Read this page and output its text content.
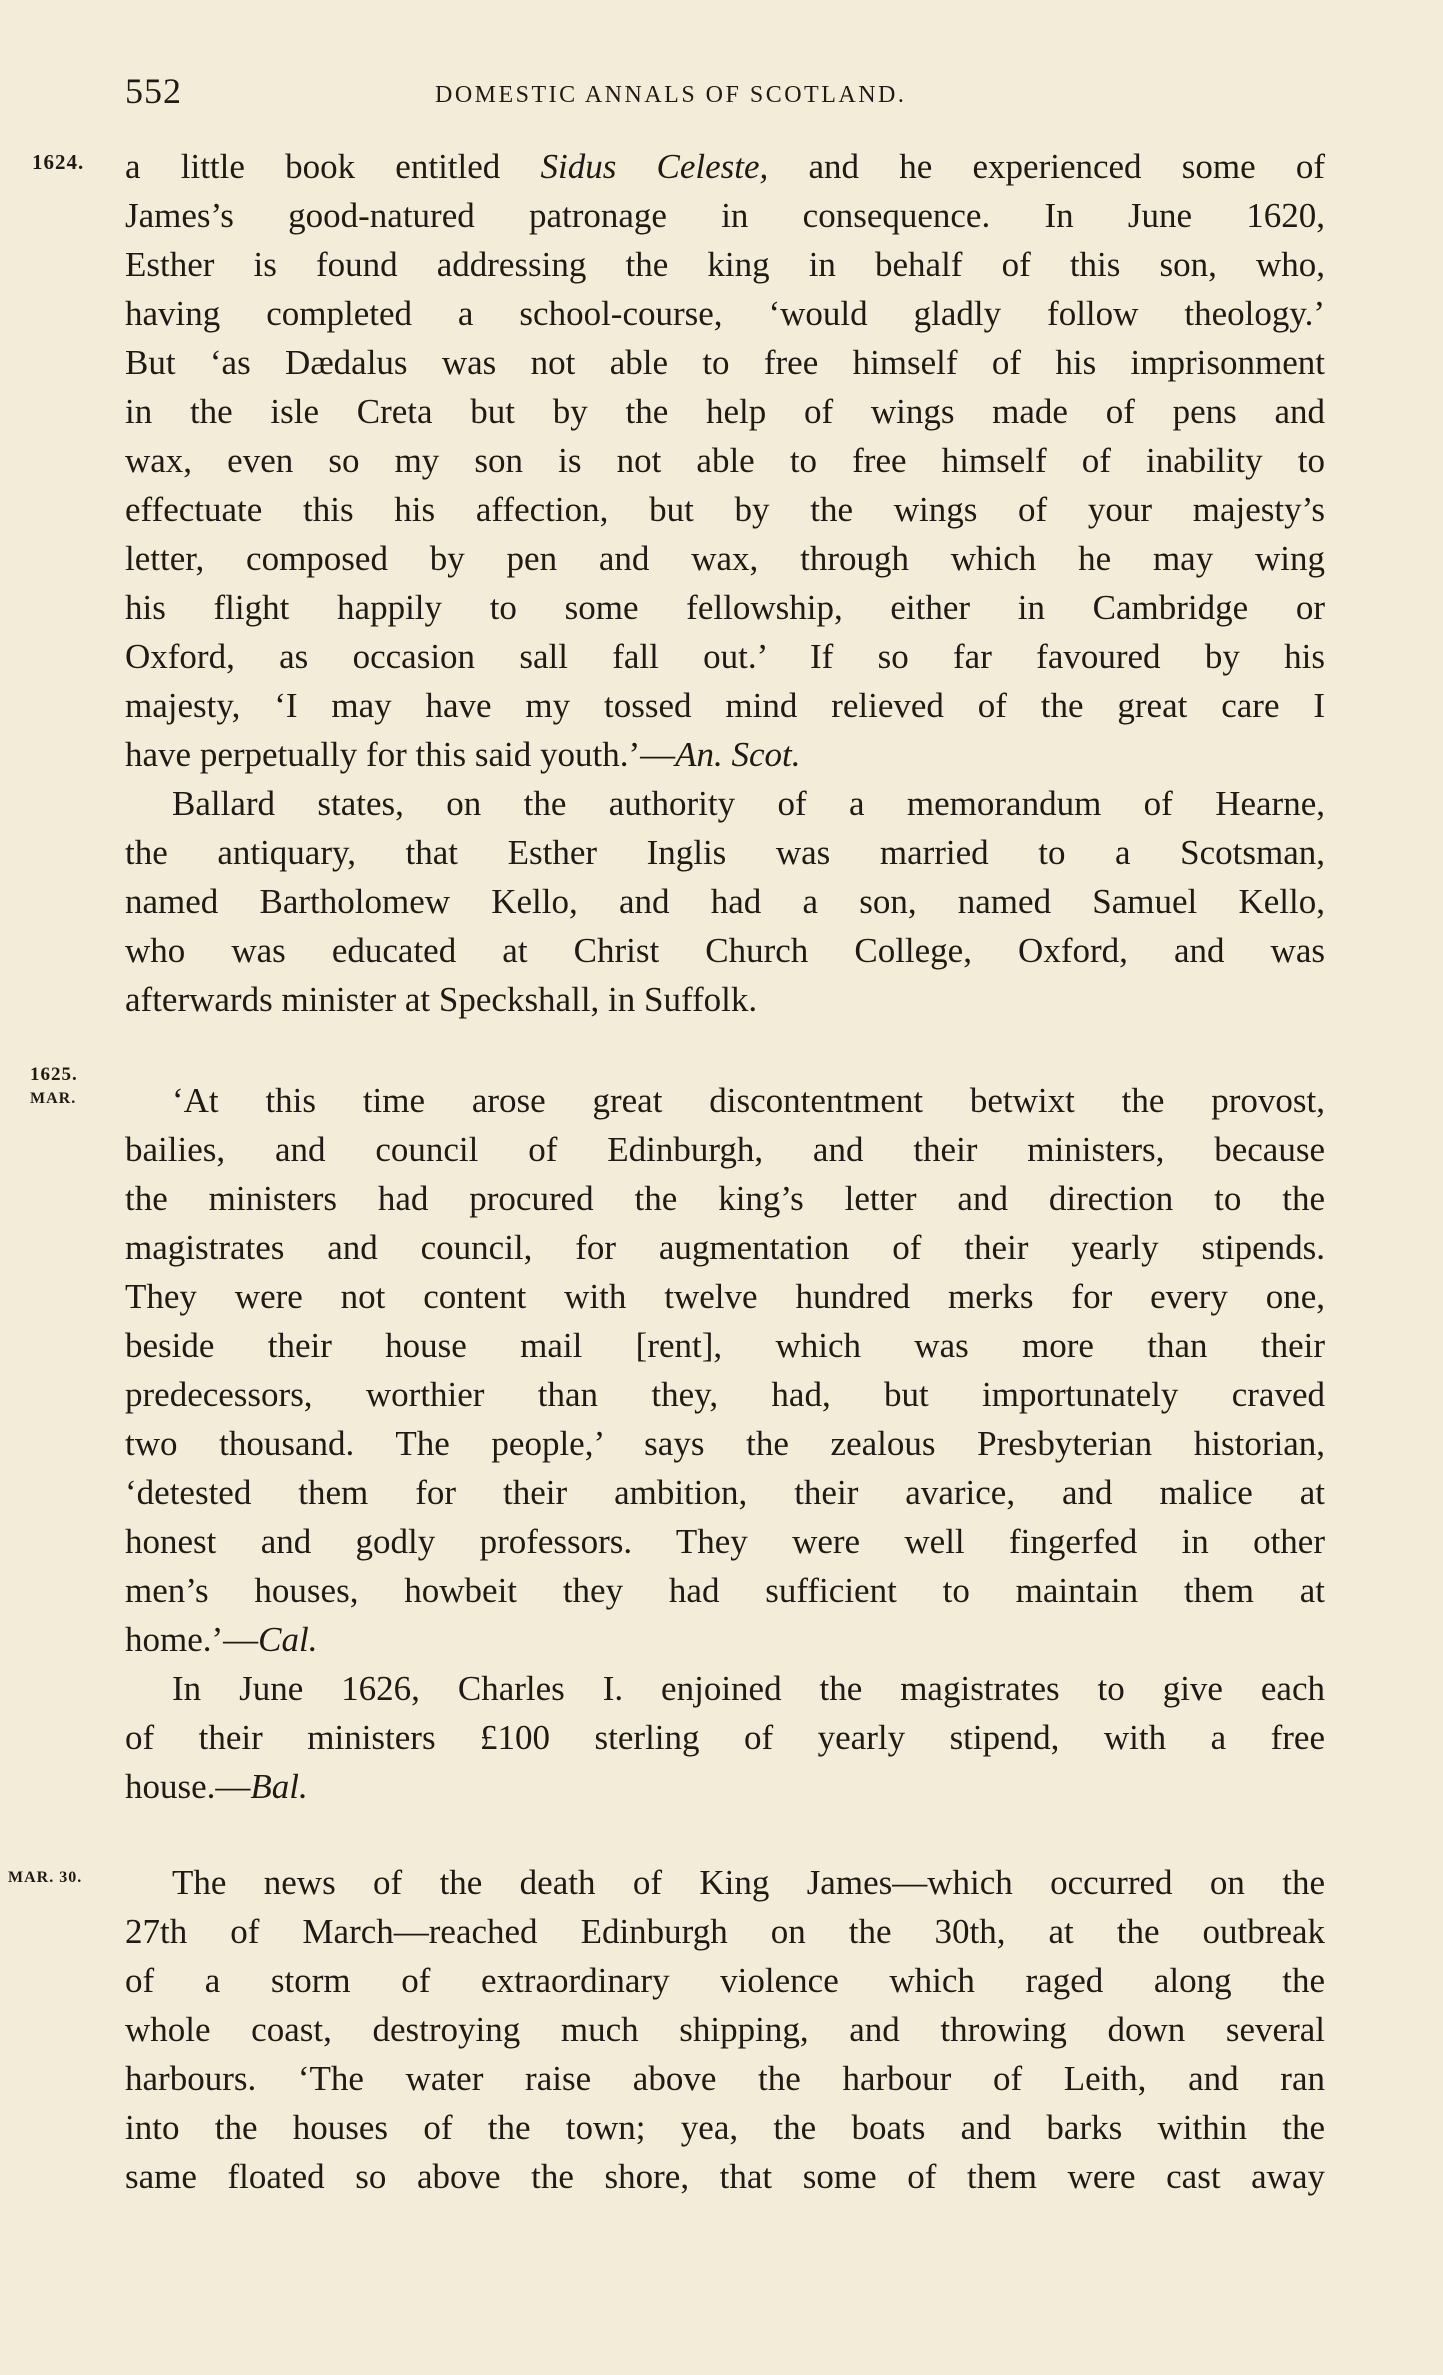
552	DOMESTIC ANNALS OF SCOTLAND.
1624. a little book entitled Sidus Celeste, and he experienced some of
James’s good-natured patronage in consequence. In June 1620,
Esther is found addressing the king in behalf of this son, who,
having completed a school-course, ‘would gladly follow theology.’
But ‘as Dædalus was not able to free himself of his imprisonment
in the isle Creta but by the help of wings made of pens and
wax, even so my son is not able to free himself of inability to
effectuate this his affection, but by the wings of your majesty’s
letter, composed by pen and wax, through which he may wing
his flight happily to some fellowship, either in Cambridge or
Oxford, as occasion sall fall out.’ If so far favoured by his
majesty, ‘I may have my tossed mind relieved of the great care I
have perpetually for this said youth.’—An. Scot.
Ballard states, on the authority of a memorandum of Hearne,
the antiquary, that Esther Inglis was married to a Scotsman,
named Bartholomew Kello, and had a son, named Samuel Kello,
who was educated at Christ Church College, Oxford, and was
afterwards minister at Speckshall, in Suffolk.
1625.
MAR.	‘At this time arose great discontentment betwixt the provost,
bailies, and council of Edinburgh, and their ministers, because
the ministers had procured the king’s letter and direction to the
magistrates and council, for augmentation of their yearly stipends.
They were not content with twelve hundred merks for every one,
beside their house mail [rent], which was more than their
predecessors, worthier than they, had, but importunately craved
two thousand. The people,’ says the zealous Presbyterian historian,
‘detested them for their ambition, their avarice, and malice at
honest and godly professors. They were well fingerfed in other
men’s houses, howbeit they had sufficient to maintain them at
home.’—Cal.
In June 1626, Charles I. enjoined the magistrates to give each
of their ministers £100 sterling of yearly stipend, with a free
house.—Bal.
MAR. 30.	The news of the death of King James—which occurred on the
27th of March—reached Edinburgh on the 30th, at the outbreak
of a storm of extraordinary violence which raged along the
whole coast, destroying much shipping, and throwing down several
harbours. ‘The water raise above the harbour of Leith, and ran
into the houses of the town; yea, the boats and barks within the
same floated so above the shore, that some of them were cast away
